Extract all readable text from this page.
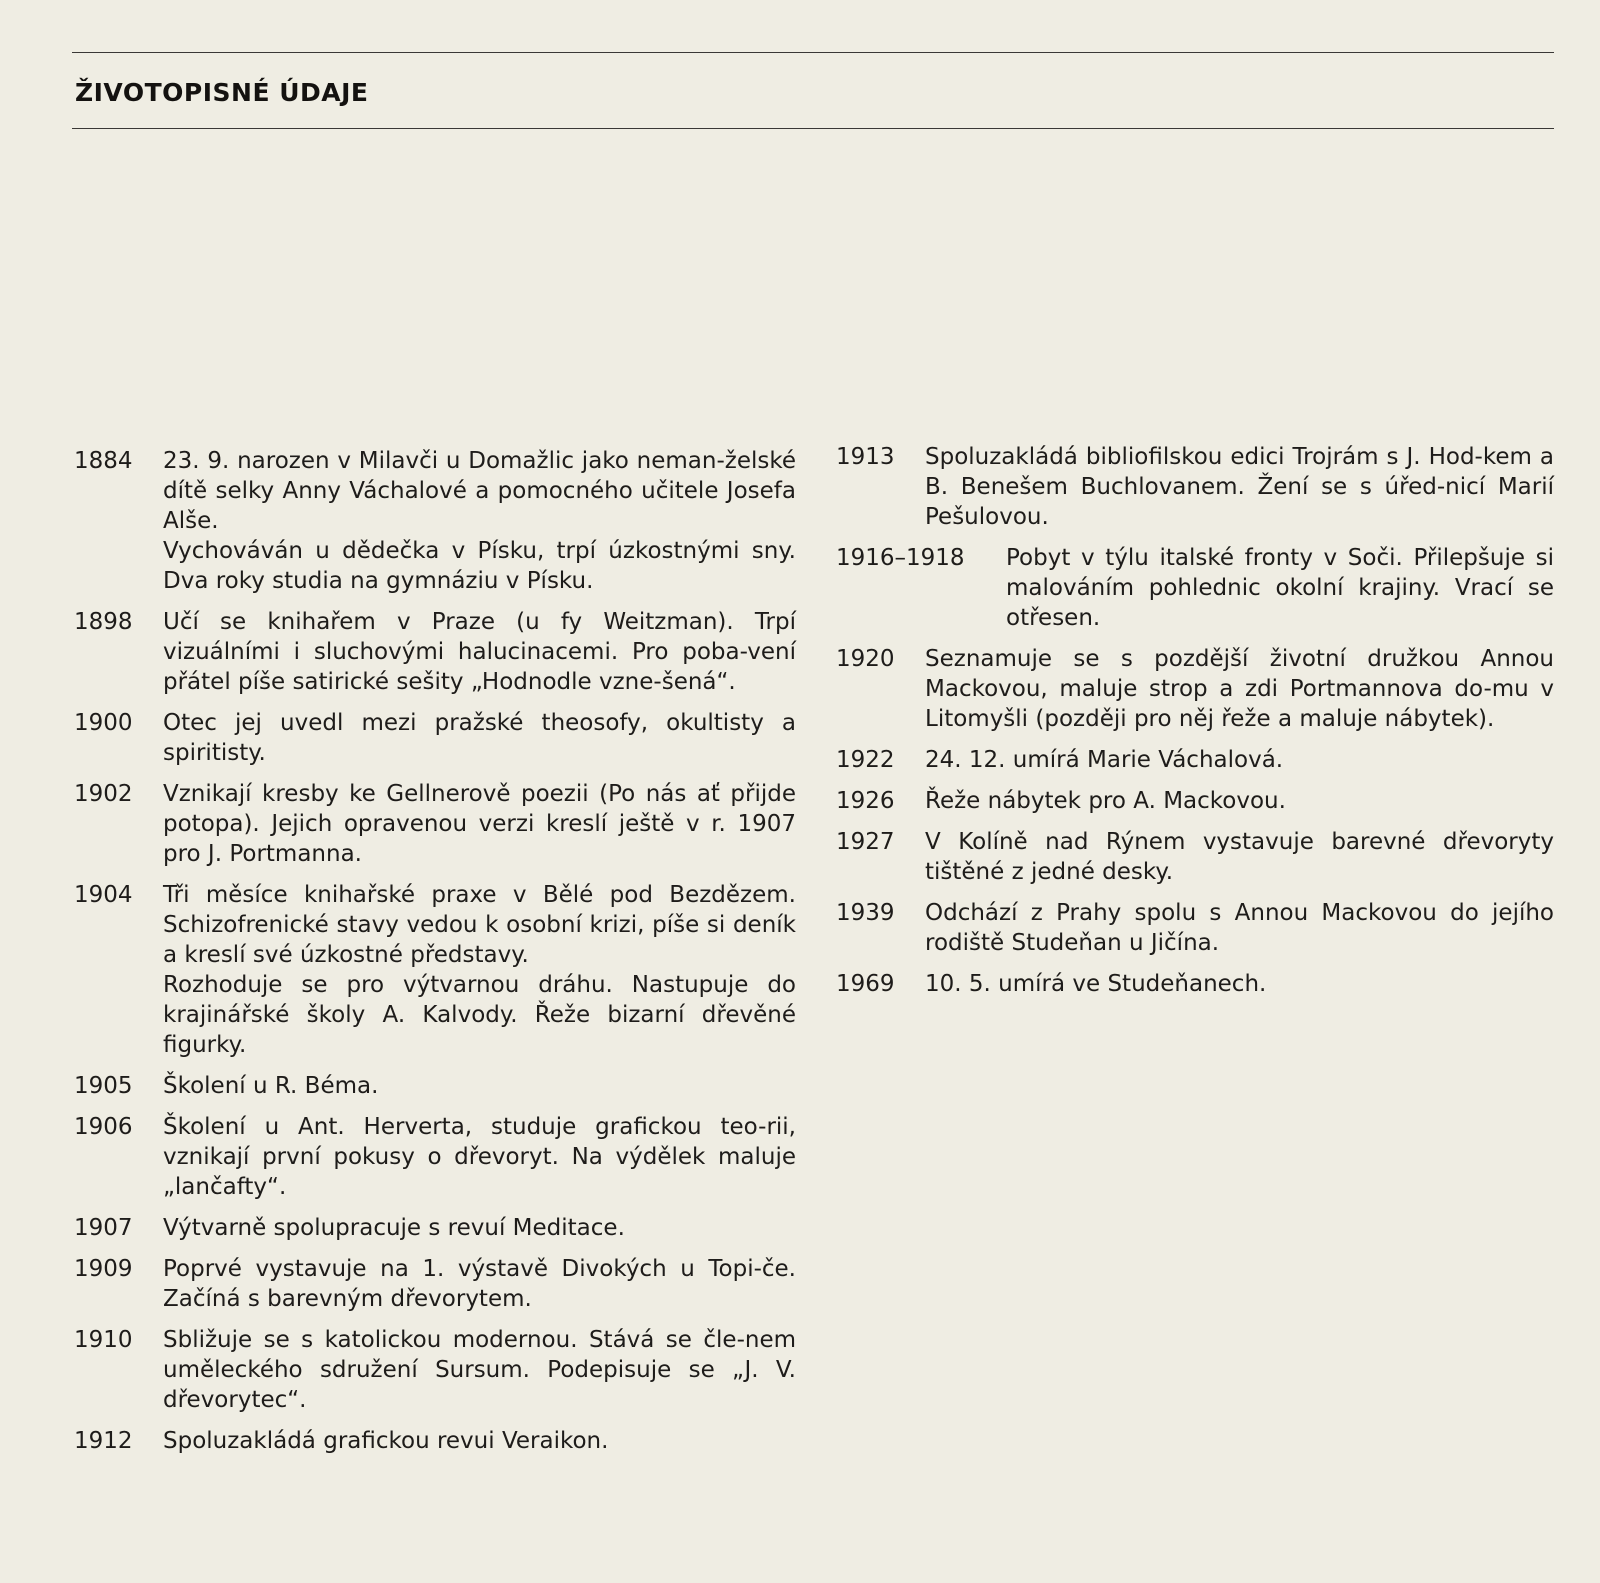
ŽIVOTOPISNÉ ÚDAJE
1884 23. 9. narozen v Milavči u Domažlic jako neman-želské dítě selky Anny Váchalové a pomocného učitele Josefa Alše.

Vychováván u dědečka v Písku, trpí úzkostnými sny. Dva roky studia na gymnáziu v Písku.

1898 Učí se knihařem v Praze (u fy Weitzman). Trpí vizuálními i sluchovými halucinacemi. Pro poba-vení přátel píše satirické sešity „Hodnodle vzne-šená“.

1900 Otec jej uvedl mezi pražské theosofy, okultisty a spiritisty.

1902 Vznikají kresby ke Gellnerově poezii (Po nás ať přijde potopa). Jejich opravenou verzi kreslí ještě v r. 1907 pro J. Portmanna.

1904 Tři měsíce knihařské praxe v Bělé pod Bezdězem. Schizofrenické stavy vedou k osobní krizi, píše si deník a kreslí své úzkostné představy.

Rozhoduje se pro výtvarnou dráhu. Nastupuje do krajinářské školy A. Kalvody. Řeže bizarní dřevěné figurky.

1905 Školení u R. Béma.

1906 Školení u Ant. Herverta, studuje grafickou teo-rii, vznikají první pokusy o dřevoryt. Na výdělek maluje „lančafty“.

1907 Výtvarně spolupracuje s revuí Meditace.

1909 Poprvé vystavuje na 1. výstavě Divokých u Topi-če. Začíná s barevným dřevorytem.

1910 Sbližuje se s katolickou modernou. Stává se čle-nem uměleckého sdružení Sursum. Podepisuje se „J. V. dřevorytec“.

1912 Spoluzakládá grafickou revui Veraikon.

1913 Spoluzakládá bibliofilskou edici Trojrám s J. Hod-kem a B. Benešem Buchlovanem. Žení se s úřed-nicí Marií Pešulovou.

1916–1918 Pobyt v týlu italské fronty v Soči. Přilepšuje si malováním pohlednic okolní krajiny. Vrací se otřesen.

1920 Seznamuje se s pozdější životní družkou Annou Mackovou, maluje strop a zdi Portmannova do-mu v Litomyšli (později pro něj řeže a maluje nábytek).

1922 24. 12. umírá Marie Váchalová.

1926 Řeže nábytek pro A. Mackovou.

1927 V Kolíně nad Rýnem vystavuje barevné dřevoryty tištěné z jedné desky.

1939 Odchází z Prahy spolu s Annou Mackovou do jejího rodiště Studeňan u Jičína.

1969 10. 5. umírá ve Studeňanech.
